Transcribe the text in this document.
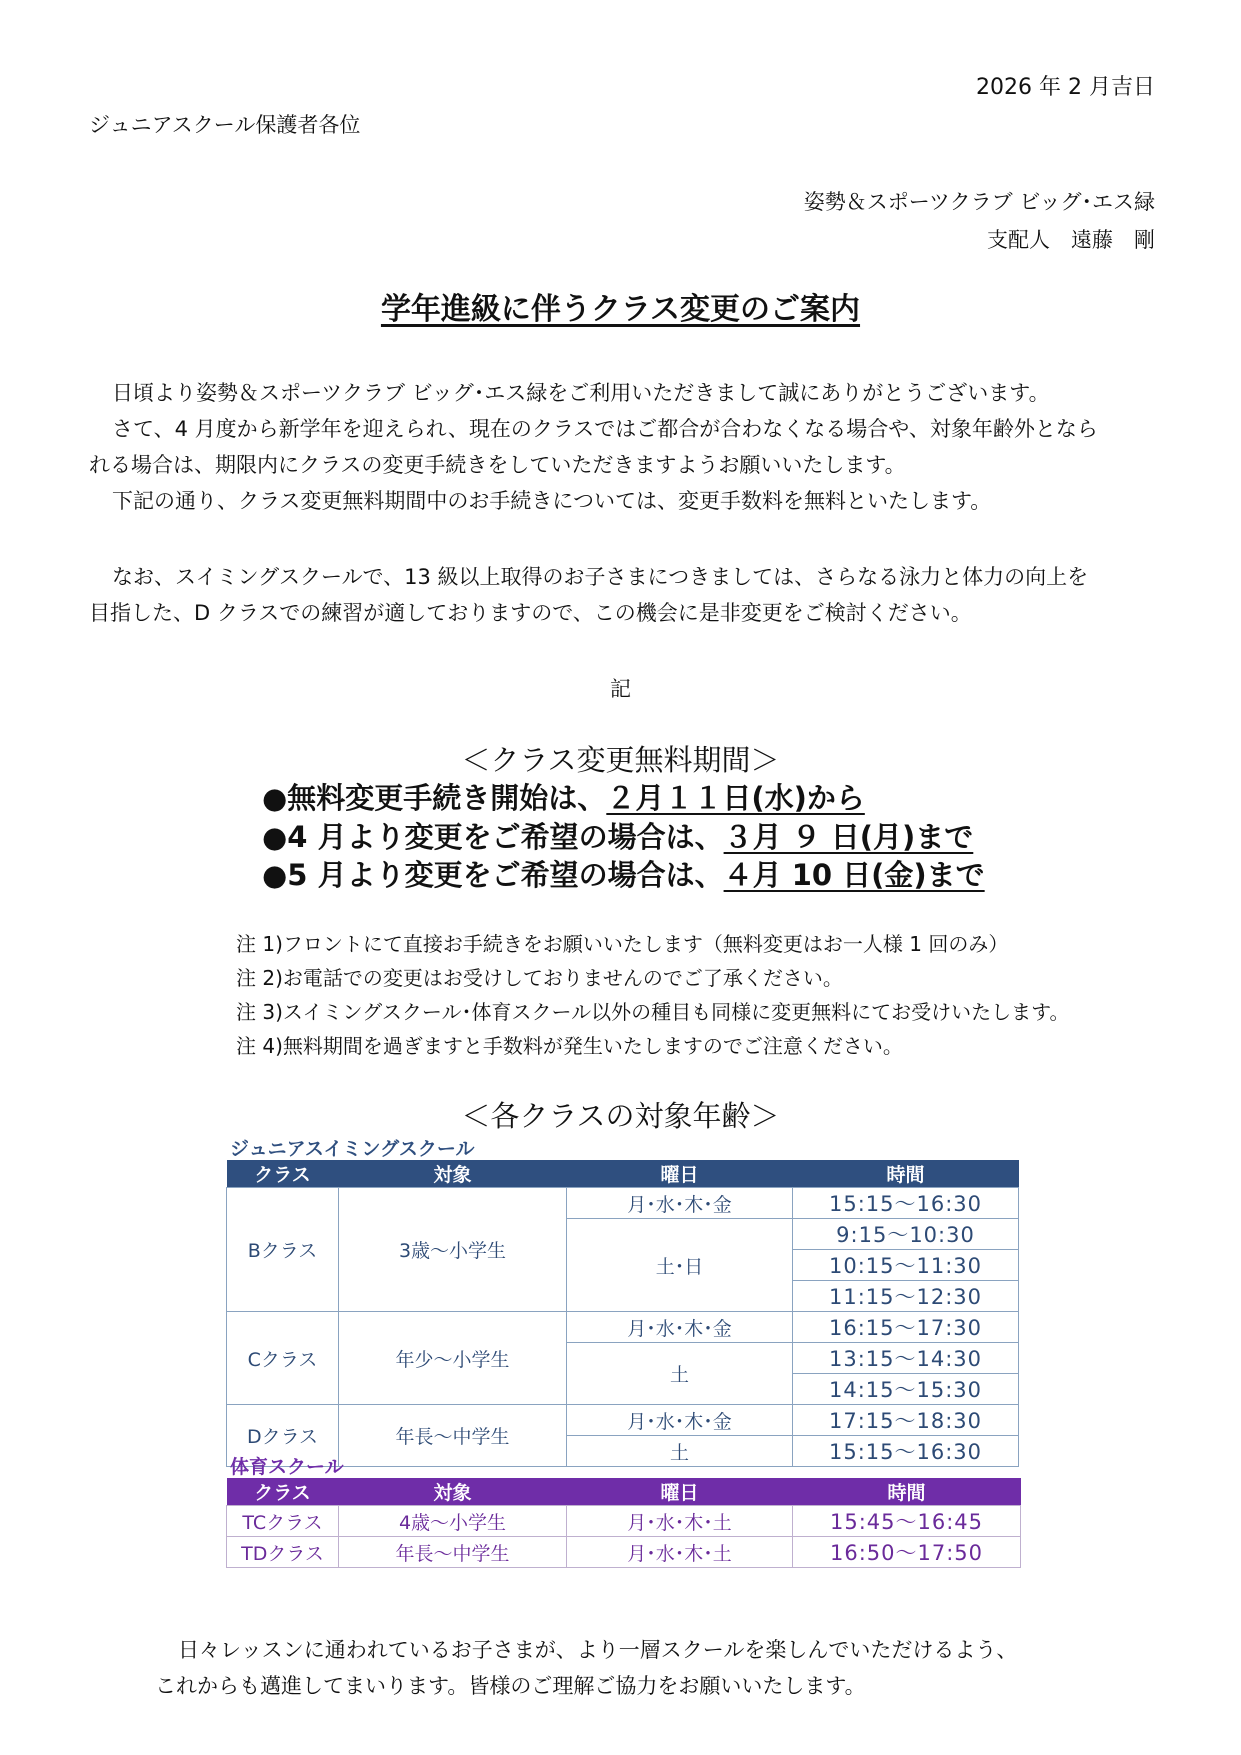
2026 年 2 月吉日
ジュニアスクール保護者各位
姿勢＆スポーツクラブ ビッグ･エス緑
支配人　遠藤　剛
学年進級に伴うクラス変更のご案内
日頃より姿勢＆スポーツクラブ ビッグ･エス緑をご利用いただきまして誠にありがとうございます。
さて、4 月度から新学年を迎えられ、現在のクラスではご都合が合わなくなる場合や、対象年齢外となら
れる場合は、期限内にクラスの変更手続きをしていただきますようお願いいたします。
下記の通り、クラス変更無料期間中のお手続きについては、変更手数料を無料といたします。
なお、スイミングスクールで、13 級以上取得のお子さまにつきましては、さらなる泳力と体力の向上を
目指した、D クラスでの練習が適しておりますので、この機会に是非変更をご検討ください。
記
＜クラス変更無料期間＞
●無料変更手続き開始は、２月１１日(水)から
●4 月より変更をご希望の場合は、３月 ９ 日(月)まで
●5 月より変更をご希望の場合は、４月 10 日(金)まで
注 1)フロントにて直接お手続きをお願いいたします（無料変更はお一人様 1 回のみ）
注 2)お電話での変更はお受けしておりませんのでご了承ください。
注 3)スイミングスクール･体育スクール以外の種目も同様に変更無料にてお受けいたします。
注 4)無料期間を過ぎますと手数料が発生いたしますのでご注意ください。
＜各クラスの対象年齢＞
ジュニアスイミングスクール
クラス	対象	曜日	時間
Bクラス	3歳～小学生	月･水･木･金	15:15～16:30
		土･日	9:15～10:30
			10:15～11:30
			11:15～12:30
Cクラス	年少～小学生	月･水･木･金	16:15～17:30
		土	13:15～14:30
			14:15～15:30
Dクラス	年長～中学生	月･水･木･金	17:15～18:30
		土	15:15～16:30
体育スクール
クラス	対象	曜日	時間
TCクラス	4歳～小学生	月･水･木･土	15:45～16:45
TDクラス	年長～中学生	月･水･木･土	16:50～17:50
日々レッスンに通われているお子さまが、より一層スクールを楽しんでいただけるよう、
これからも邁進してまいります。皆様のご理解ご協力をお願いいたします。
